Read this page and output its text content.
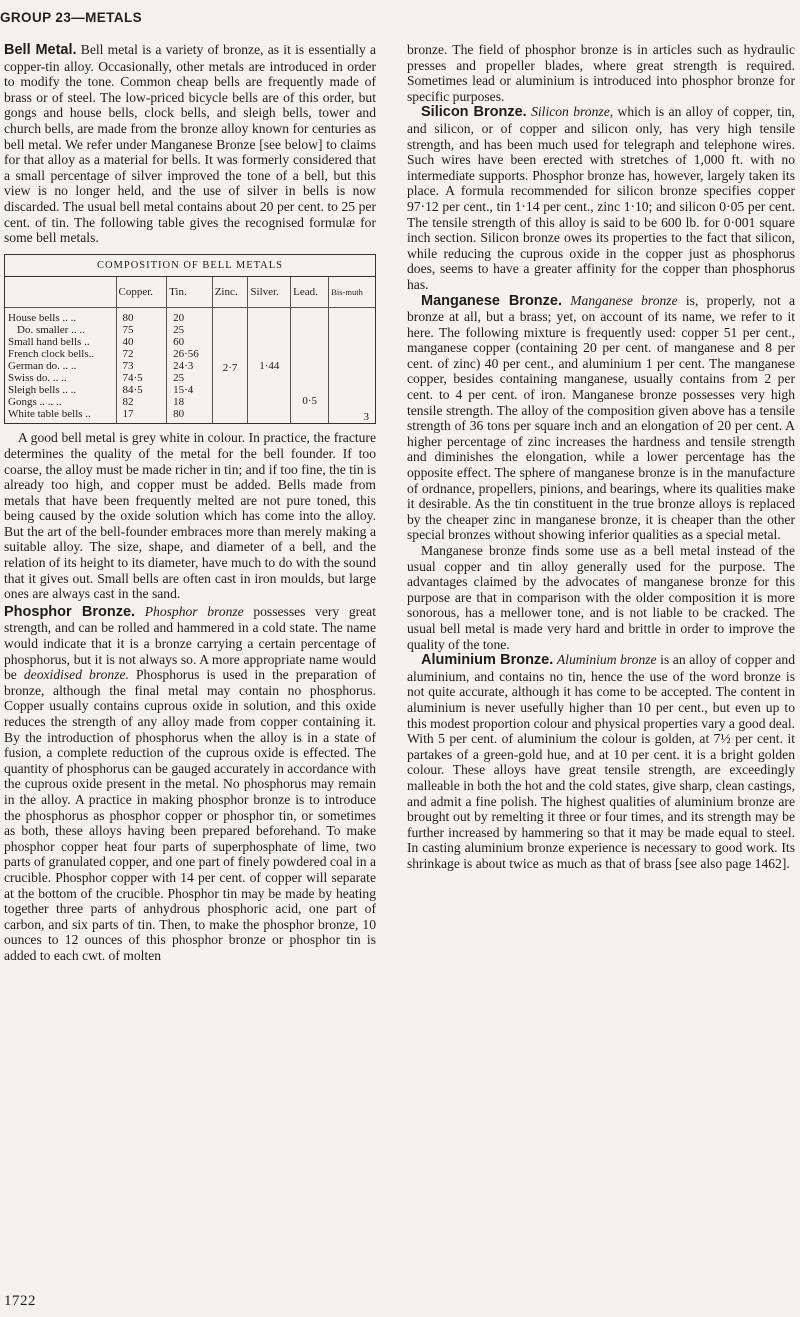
GROUP 23—METALS

Bell Metal. Bell metal is a variety of bronze, as it is essentially a copper-tin alloy. Occasionally, other metals are introduced in order to modify the tone. Common cheap bells are frequently made of brass or of steel. The low-priced bicycle bells are of this order, but gongs and house bells, clock bells, and sleigh bells, tower and church bells, are made from the bronze alloy known for centuries as bell metal. We refer under Manganese Bronze [see below] to claims for that alloy as a material for bells. It was formerly considered that a small percentage of silver improved the tone of a bell, but this view is no longer held, and the use of silver in bells is now discarded. The usual bell metal contains about 20 per cent. to 25 per cent. of tin. The following table gives the recognised formulæ for some bell metals.

COMPOSITION OF BELL METALS
	Copper.	Tin.	Zinc.	Silver.	Lead.	Bis-muth

House bells .. ..	80	20	2·7	1·44	0·5	3
Do. smaller .. ..	75	25				
Small hand bells ..	40	60				
French clock bells..	72	26·56				
German do. .. ..	73	24·3				
Swiss do. .. ..	74·5	25				
Sleigh bells .. ..	84·5	15·4				
Gongs .. .. ..	82	18				
White table bells ..	17	80				

A good bell metal is grey white in colour. In practice, the fracture determines the quality of the metal for the bell founder. If too coarse, the alloy must be made richer in tin; and if too fine, the tin is already too high, and copper must be added. Bells made from metals that have been frequently melted are not pure toned, this being caused by the oxide solution which has come into the alloy. But the art of the bell-founder embraces more than merely making a suitable alloy. The size, shape, and diameter of a bell, and the relation of its height to its diameter, have much to do with the sound that it gives out. Small bells are often cast in iron moulds, but large ones are always cast in the sand.

Phosphor Bronze. Phosphor bronze possesses very great strength, and can be rolled and hammered in a cold state. The name would indicate that it is a bronze carrying a certain percentage of phosphorus, but it is not always so. A more appropriate name would be deoxidised bronze. Phosphorus is used in the preparation of bronze, although the final metal may contain no phosphorus. Copper usually contains cuprous oxide in solution, and this oxide reduces the strength of any alloy made from copper containing it. By the introduction of phosphorus when the alloy is in a state of fusion, a complete reduction of the cuprous oxide is effected. The quantity of phosphorus can be gauged accurately in accordance with the cuprous oxide present in the metal. No phosphorus may remain in the alloy. A practice in making phosphor bronze is to introduce the phosphorus as phosphor copper or phosphor tin, or sometimes as both, these alloys having been prepared beforehand. To make phosphor copper heat four parts of superphosphate of lime, two parts of granulated copper, and one part of finely powdered coal in a crucible. Phosphor copper with 14 per cent. of copper will separate at the bottom of the crucible. Phosphor tin may be made by heating together three parts of anhydrous phosphoric acid, one part of carbon, and six parts of tin. Then, to make the phosphor bronze, 10 ounces to 12 ounces of this phosphor bronze or phosphor tin is added to each cwt. of molten

bronze. The field of phosphor bronze is in articles such as hydraulic presses and propeller blades, where great strength is required. Sometimes lead or aluminium is introduced into phosphor bronze for specific purposes.

Silicon Bronze. Silicon bronze, which is an alloy of copper, tin, and silicon, or of copper and silicon only, has very high tensile strength, and has been much used for telegraph and telephone wires. Such wires have been erected with stretches of 1,000 ft. with no intermediate supports. Phosphor bronze has, however, largely taken its place. A formula recommended for silicon bronze specifies copper 97·12 per cent., tin 1·14 per cent., zinc 1·10; and silicon 0·05 per cent. The tensile strength of this alloy is said to be 600 lb. for 0·001 square inch section. Silicon bronze owes its properties to the fact that silicon, while reducing the cuprous oxide in the copper just as phosphorus does, seems to have a greater affinity for the copper than phosphorus has.

Manganese Bronze. Manganese bronze is, properly, not a bronze at all, but a brass; yet, on account of its name, we refer to it here. The following mixture is frequently used: copper 51 per cent., manganese copper (containing 20 per cent. of manganese and 8 per cent. of zinc) 40 per cent., and aluminium 1 per cent. The manganese copper, besides containing manganese, usually contains from 2 per cent. to 4 per cent. of iron. Manganese bronze possesses very high tensile strength. The alloy of the composition given above has a tensile strength of 36 tons per square inch and an elongation of 20 per cent. A higher percentage of zinc increases the hardness and tensile strength and diminishes the elongation, while a lower percentage has the opposite effect. The sphere of manganese bronze is in the manufacture of ordnance, propellers, pinions, and bearings, where its qualities make it desirable. As the tin constituent in the true bronze alloys is replaced by the cheaper zinc in manganese bronze, it is cheaper than the other special bronzes without showing inferior qualities as a special metal.

Manganese bronze finds some use as a bell metal instead of the usual copper and tin alloy generally used for the purpose. The advantages claimed by the advocates of manganese bronze for this purpose are that in comparison with the older composition it is more sonorous, has a mellower tone, and is not liable to be cracked. The usual bell metal is made very hard and brittle in order to improve the quality of the tone.

Aluminium Bronze. Aluminium bronze is an alloy of copper and aluminium, and contains no tin, hence the use of the word bronze is not quite accurate, although it has come to be accepted. The content in aluminium is never usefully higher than 10 per cent., but even up to this modest proportion colour and physical properties vary a good deal. With 5 per cent. of aluminium the colour is golden, at 7½ per cent. it partakes of a green-gold hue, and at 10 per cent. it is a bright golden colour. These alloys have great tensile strength, are exceedingly malleable in both the hot and the cold states, give sharp, clean castings, and admit a fine polish. The highest qualities of aluminium bronze are brought out by remelting it three or four times, and its strength may be further increased by hammering so that it may be made equal to steel. In casting aluminium bronze experience is necessary to good work. Its shrinkage is about twice as much as that of brass [see also page 1462].

1722
